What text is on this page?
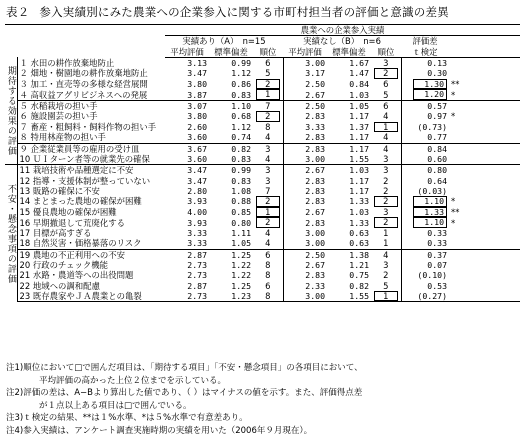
表２ 参入実績別にみた農業への企業参入に関する市町村担当者の評価と意識の差異
		農業への企業参入実績							
		実績あり（A）　n=15			実績なし（B）　n=6			評価差	
		平均評価	標準偏差	順位	平均評価	標準偏差	順位	ｔ検定	
期待する効果の評価	１ 水田の耕作放棄地防止	3.13	0.99	6	3.00	1.67	3	0.13	
	２ 畑地・樹園地の耕作放棄地防止	3.47	1.12	5	3.17	1.47	2	0.30	
	３ 加工・直売等の多様な経営展開	3.80	0.86	2	2.50	0.84	6	1.30	**
	４ 高収益アグリビジネスへの発展	3.87	0.83	1	2.67	1.03	5	1.20	*
	５ 水稲栽培の担い手	3.07	1.10	7	2.50	1.05	6	0.57	
	６ 施設園芸の担い手	3.80	0.68	2	2.83	1.17	4	0.97	*
	７ 畜産・粗飼料・飼料作物の担い手	2.60	1.12	8	3.33	1.37	1	(0.73)	
	８ 特用林産物の担い手	3.60	0.74	4	2.83	1.17	4	0.77	
	９ 企業従業員等の雇用の受け皿	3.67	0.82	3	2.83	1.17	4	0.84	
	10 ＵＩターン者等の就業先の確保	3.60	0.83	4	3.00	1.55	3	0.60	
不安・懸念事項の評価	11 栽培技術や品種選定に不安	3.47	0.99	3	2.67	1.03	3	0.80	
	12 指導・支援体制が整っていない	3.47	0.83	3	2.83	1.17	2	0.64	
	13 販路の確保に不安	2.80	1.08	7	2.83	1.17	2	(0.03)	
	14 まとまった農地の確保が困難	3.93	0.88	2	2.83	1.33	2	1.10	*
	15 優良農地の確保が困難	4.00	0.85	1	2.67	1.03	3	1.33	**
	16 早期撤退して荒廃化する	3.93	0.80	2	2.83	1.33	2	1.10	*
	17 目標が高すぎる	3.33	1.11	4	3.00	0.63	1	0.33	
	18 自然災害・価格暴落のリスク	3.33	1.05	4	3.00	0.63	1	0.33	
	19 農地の不正利用への不安	2.87	1.25	6	2.50	1.38	4	0.37	
	20 行政のチェック機能	2.73	1.22	8	2.67	1.21	3	0.07	
	21 水路・農道等への出役問題	2.73	1.22	8	2.83	0.75	2	(0.10)	
	22 地域への調和配慮	2.87	1.25	6	2.33	0.82	5	0.53	
	23 既存農家やＪＡ農業との亀裂	2.73	1.23	8	3.00	1.55	1	(0.27)	
注1)順位において□で囲んだ項目は、「期待する項目」「不安・懸念項目」の各項目において、
平均評価の高かった上位２位までを示している。
注2)評価の差は、A−Bより算出した値であり、（ ）はマイナスの値を示す。また、評価得点差
が１点以上ある項目は□で囲んでいる。
注3)ｔ検定の結果、**は１%水準、*は５%水準で有意差あり。
注4)参入実績は、アンケート調査実施時期の実績を用いた（2006年９月現在）。
